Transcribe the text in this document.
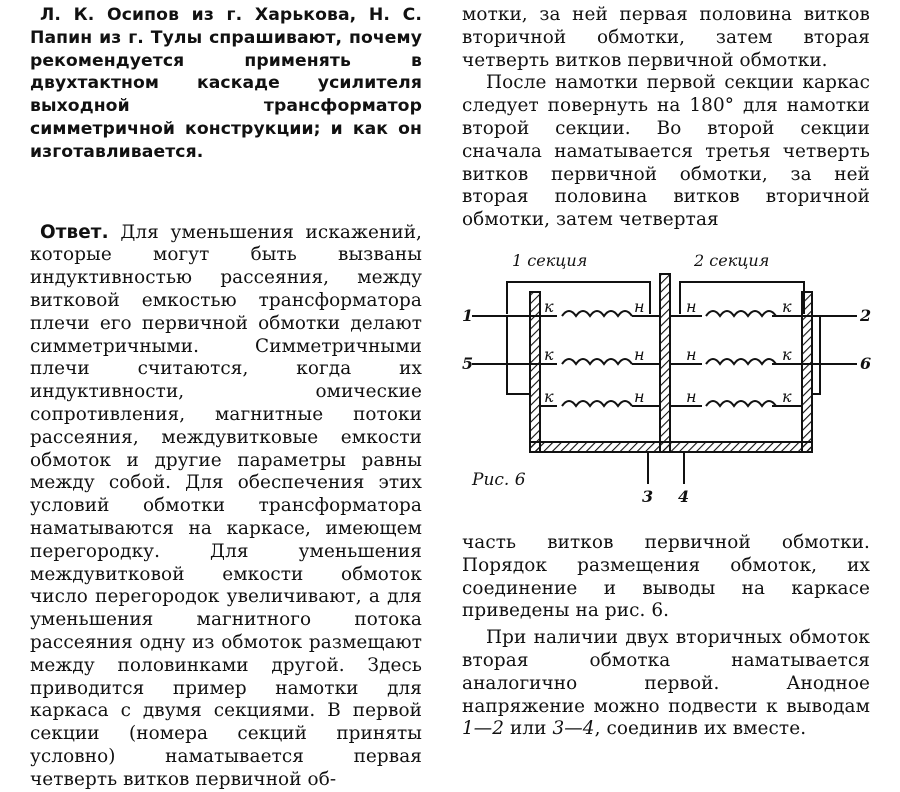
Л. К. Осипов из г. Харькова, Н. С. Папин из г. Тулы спрашивают, почему рекомендуется применять в двухтактном каскаде усилителя выходной трансформатор симметричной конструкции; и как он изготавливается.

Ответ. Для уменьшения искажений, которые могут быть вызваны индуктивностью рассеяния, между витковой емкостью трансформатора плечи его первичной обмотки делают симметричными. Симметричными плечи считаются, когда их индуктивности, омические сопротивления, магнитные потоки рассеяния, междувитковые емкости обмоток и другие параметры равны между собой. Для обеспечения этих условий обмотки трансформатора наматываются на каркасе, имеющем перегородку. Для уменьшения междувитковой емкости обмоток число перегородок увеличивают, а для уменьшения магнитного потока рассеяния одну из обмоток размещают между половинками другой. Здесь приводится пример намотки для каркаса с двумя секциями. В первой секции (номера секций приняты условно) наматывается первая четверть витков первичной об-

мотки, за ней первая половина витков вторичной обмотки, затем вторая четверть витков первичной обмотки.

После намотки первой секции каркас следует повернуть на 180° для намотки второй секции. Во второй секции сначала наматывается третья четверть витков первичной обмотки, за ней вторая половина витков вторичной обмотки, затем четвертая

1 секция	2 секция
к	н
к	н
к	н
н	к
н	к
н	к
1
5
2
6
3 4
Рис. 6

часть витков первичной обмотки. Порядок размещения обмоток, их соединение и выводы на каркасе приведены на рис. 6.

При наличии двух вторичных обмоток вторая обмотка наматывается аналогично первой. Анодное напряжение можно подвести к выводам 1—2 или 3—4, соединив их вместе.
